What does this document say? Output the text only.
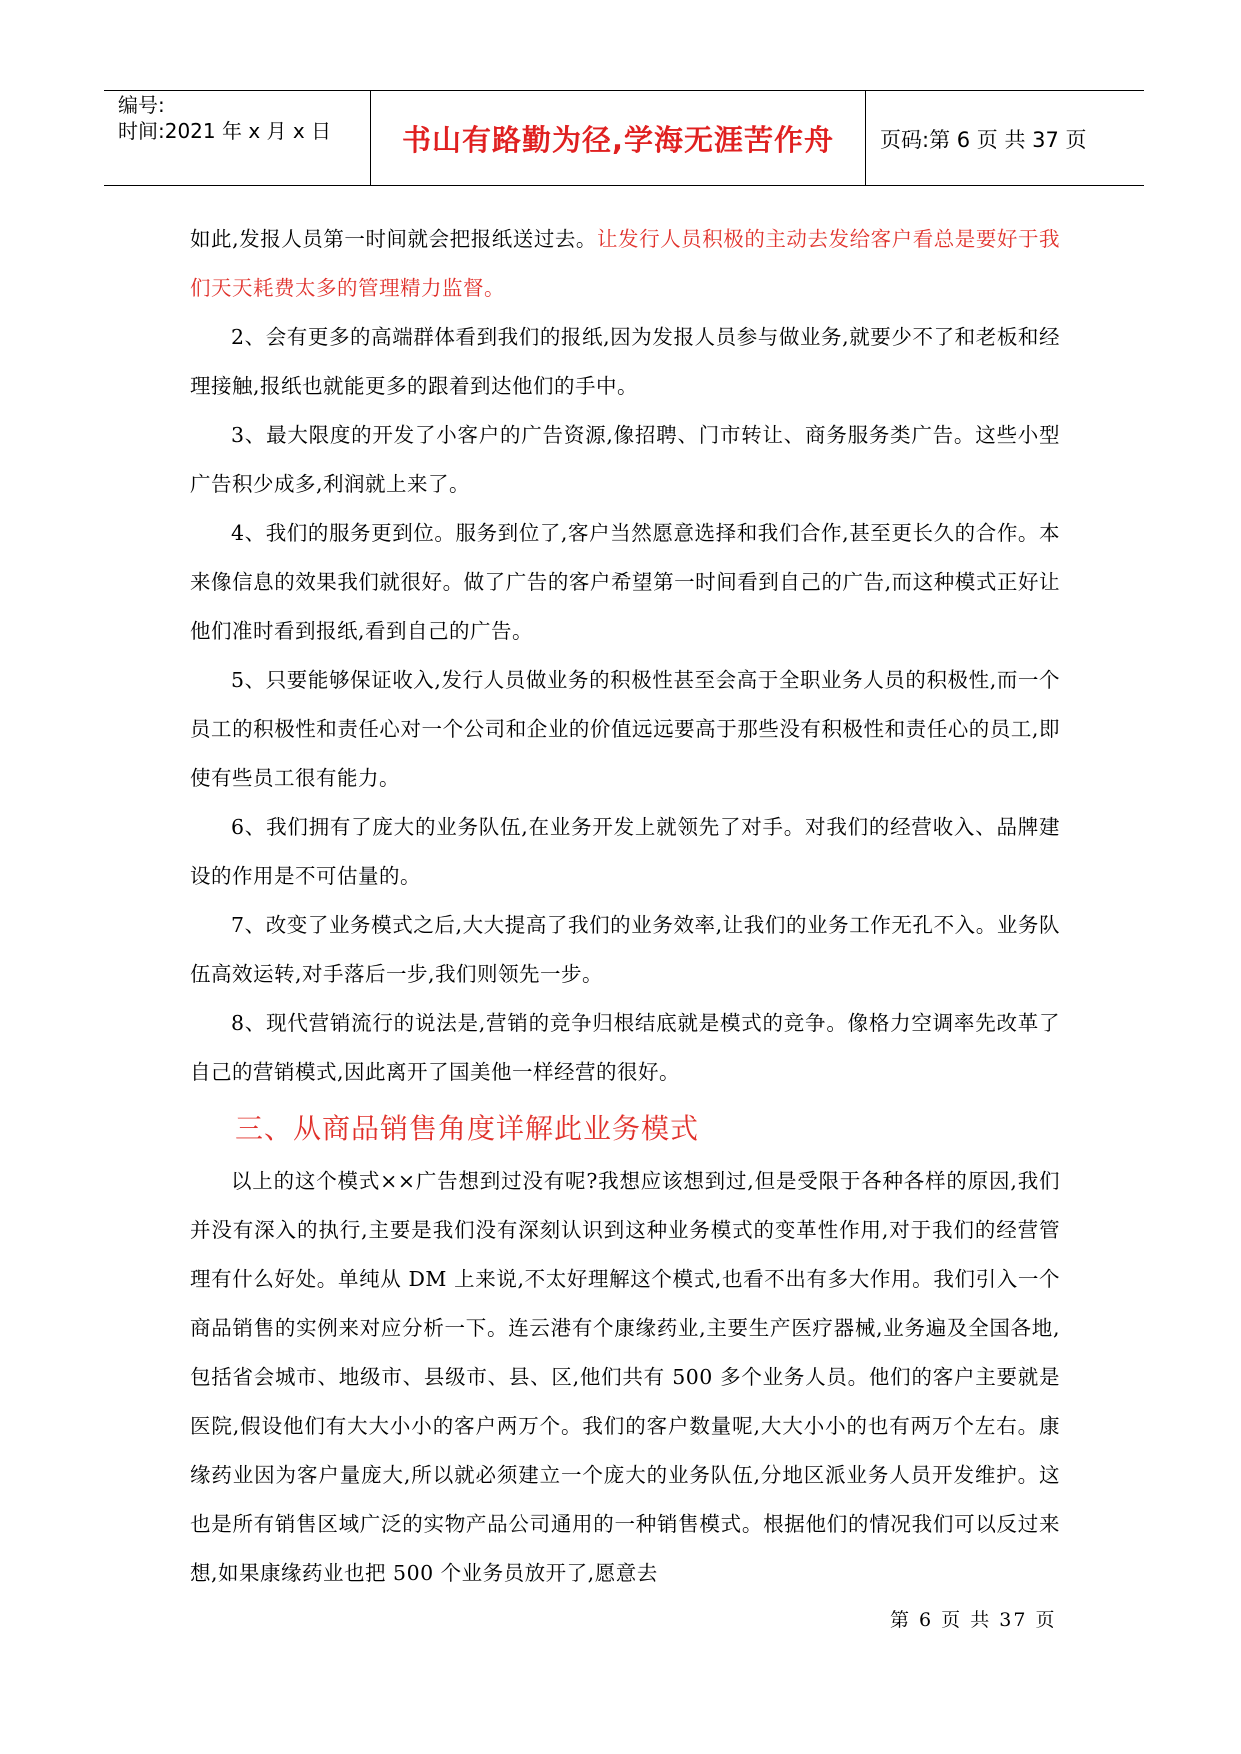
编号:
时间:2021 年 x 月 x 日	书山有路勤为径,学海无涯苦作舟	页码:第 6 页 共 37 页

如此,发报人员第一时间就会把报纸送过去。让发行人员积极的主动去发给客户看总是要好于我们天天耗费太多的管理精力监督。

2、会有更多的高端群体看到我们的报纸,因为发报人员参与做业务,就要少不了和老板和经理接触,报纸也就能更多的跟着到达他们的手中。

3、最大限度的开发了小客户的广告资源,像招聘、门市转让、商务服务类广告。这些小型广告积少成多,利润就上来了。

4、我们的服务更到位。服务到位了,客户当然愿意选择和我们合作,甚至更长久的合作。本来像信息的效果我们就很好。做了广告的客户希望第一时间看到自己的广告,而这种模式正好让他们准时看到报纸,看到自己的广告。

5、只要能够保证收入,发行人员做业务的积极性甚至会高于全职业务人员的积极性,而一个员工的积极性和责任心对一个公司和企业的价值远远要高于那些没有积极性和责任心的员工,即使有些员工很有能力。

6、我们拥有了庞大的业务队伍,在业务开发上就领先了对手。对我们的经营收入、品牌建设的作用是不可估量的。

7、改变了业务模式之后,大大提高了我们的业务效率,让我们的业务工作无孔不入。业务队伍高效运转,对手落后一步,我们则领先一步。

8、现代营销流行的说法是,营销的竞争归根结底就是模式的竞争。像格力空调率先改革了自己的营销模式,因此离开了国美他一样经营的很好。

三、从商品销售角度详解此业务模式

以上的这个模式××广告想到过没有呢?我想应该想到过,但是受限于各种各样的原因,我们并没有深入的执行,主要是我们没有深刻认识到这种业务模式的变革性作用,对于我们的经营管理有什么好处。单纯从 DM 上来说,不太好理解这个模式,也看不出有多大作用。我们引入一个商品销售的实例来对应分析一下。连云港有个康缘药业,主要生产医疗器械,业务遍及全国各地,包括省会城市、地级市、县级市、县、区,他们共有 500 多个业务人员。他们的客户主要就是医院,假设他们有大大小小的客户两万个。我们的客户数量呢,大大小小的也有两万个左右。康缘药业因为客户量庞大,所以就必须建立一个庞大的业务队伍,分地区派业务人员开发维护。这也是所有销售区域广泛的实物产品公司通用的一种销售模式。根据他们的情况我们可以反过来想,如果康缘药业也把 500 个业务员放开了,愿意去

第 6 页 共 37 页
